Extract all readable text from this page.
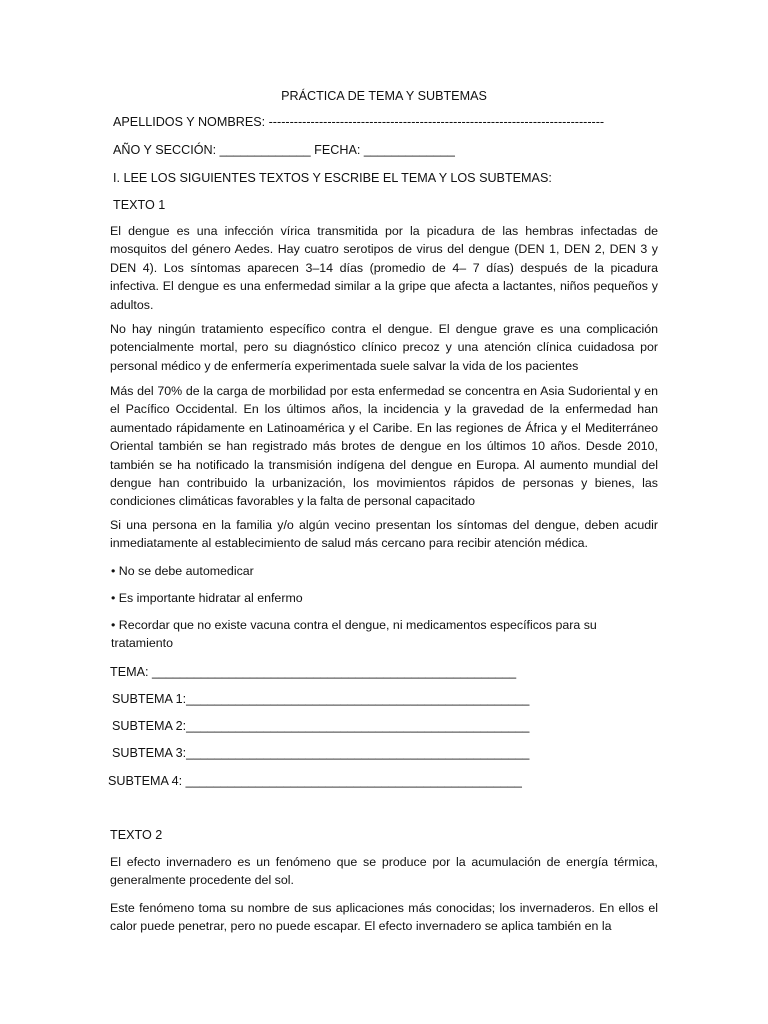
PRÁCTICA DE TEMA Y SUBTEMAS

APELLIDOS Y NOMBRES: --------------------------------------------------------------------------------

AÑO Y SECCIÓN: _____________ FECHA: _____________

I. LEE LOS SIGUIENTES TEXTOS Y ESCRIBE EL TEMA Y LOS SUBTEMAS:

TEXTO 1

El dengue es una infección vírica transmitida por la picadura de las hembras infectadas de mosquitos del género Aedes. Hay cuatro serotipos de virus del dengue (DEN 1, DEN 2, DEN 3 y DEN 4). Los síntomas aparecen 3–14 días (promedio de 4– 7 días) después de la picadura infectiva. El dengue es una enfermedad similar a la gripe que afecta a lactantes, niños pequeños y adultos.

No hay ningún tratamiento específico contra el dengue. El dengue grave es una complicación potencialmente mortal, pero su diagnóstico clínico precoz y una atención clínica cuidadosa por personal médico y de enfermería experimentada suele salvar la vida de los pacientes

Más del 70% de la carga de morbilidad por esta enfermedad se concentra en Asia Sudoriental y en el Pacífico Occidental. En los últimos años, la incidencia y la gravedad de la enfermedad han aumentado rápidamente en Latinoamérica y el Caribe. En las regiones de África y el Mediterráneo Oriental también se han registrado más brotes de dengue en los últimos 10 años. Desde 2010, también se ha notificado la transmisión indígena del dengue en Europa. Al aumento mundial del dengue han contribuido la urbanización, los movimientos rápidos de personas y bienes, las condiciones climáticas favorables y la falta de personal capacitado

Si una persona en la familia y/o algún vecino presentan los síntomas del dengue, deben acudir inmediatamente al establecimiento de salud más cercano para recibir atención médica.

• No se debe automedicar

• Es importante hidratar al enfermo

• Recordar que no existe vacuna contra el dengue, ni medicamentos específicos para su tratamiento

TEMA: ____________________________________________________

SUBTEMA 1:_________________________________________________

SUBTEMA 2:_________________________________________________

SUBTEMA 3:_________________________________________________

SUBTEMA 4: ________________________________________________

TEXTO 2

El efecto invernadero es un fenómeno que se produce por la acumulación de energía térmica, generalmente procedente del sol.

Este fenómeno toma su nombre de sus aplicaciones más conocidas; los invernaderos. En ellos el calor puede penetrar, pero no puede escapar. El efecto invernadero se aplica también en la
